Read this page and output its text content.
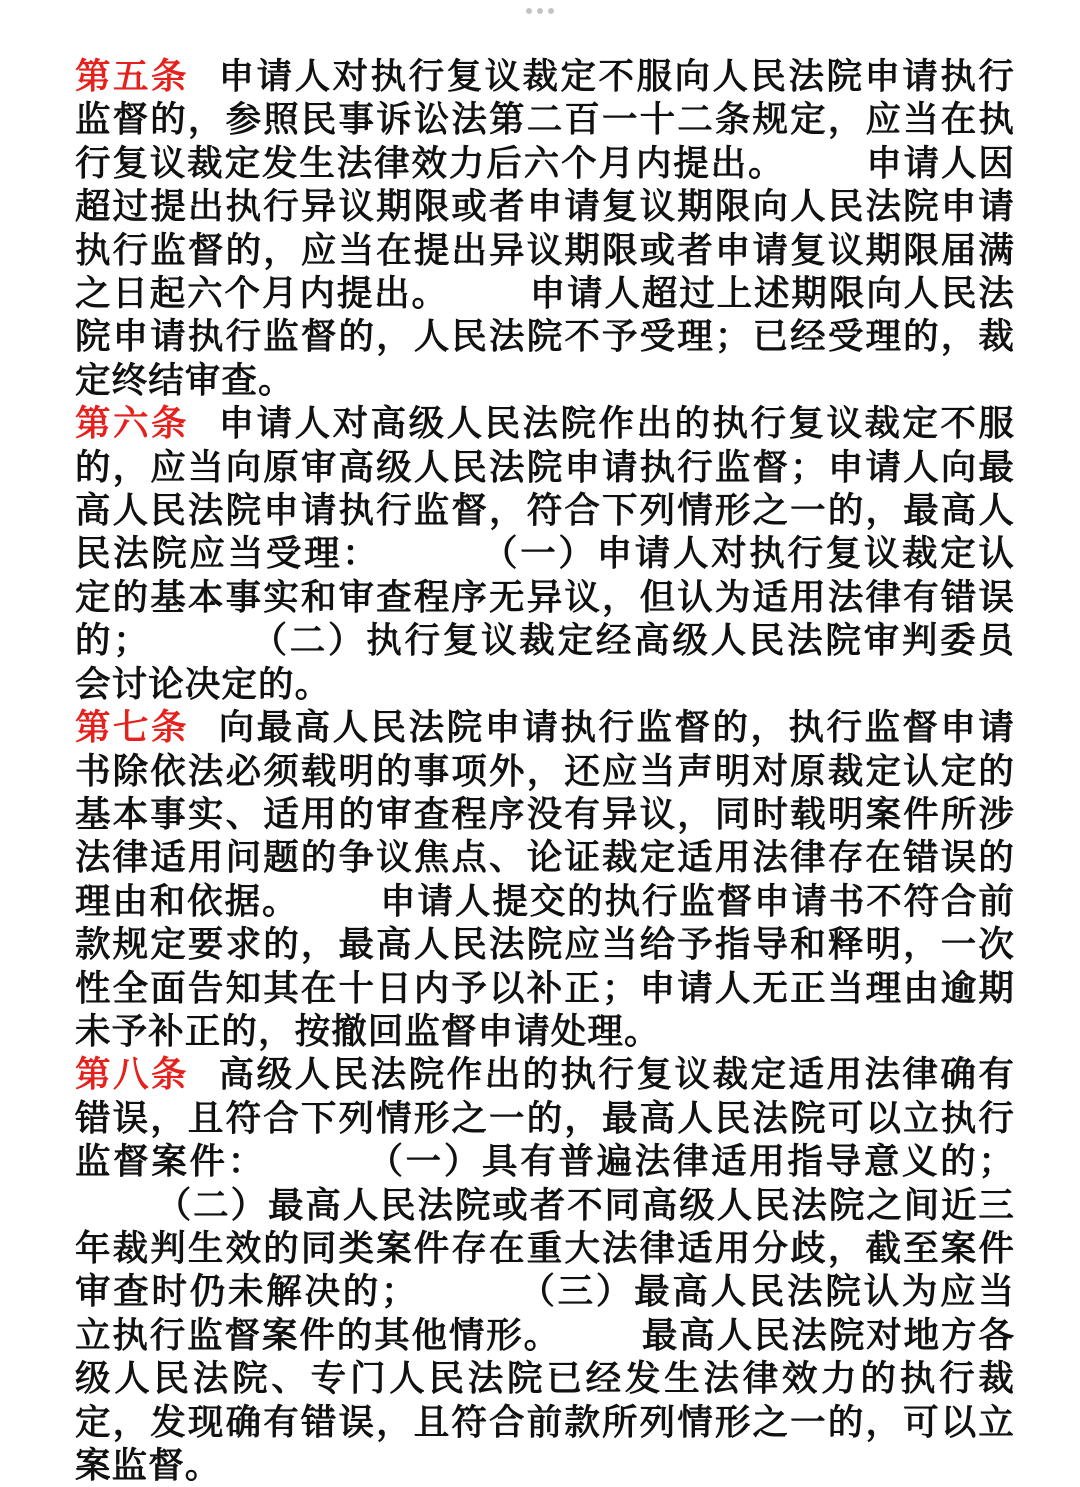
第五条 申请人对执行复议裁定不服向人民法院申请执行监督的，参照民事诉讼法第二百一十二条规定，应当在执行复议裁定发生法律效力后六个月内提出。 申请人因超过提出执行异议期限或者申请复议期限向人民法院申请执行监督的，应当在提出异议期限或者申请复议期限届满之日起六个月内提出。 申请人超过上述期限向人民法院申请执行监督的，人民法院不予受理；已经受理的，裁定终结审查。

第六条 申请人对高级人民法院作出的执行复议裁定不服的，应当向原审高级人民法院申请执行监督；申请人向最高人民法院申请执行监督，符合下列情形之一的，最高人民法院应当受理：	（一）申请人对执行复议裁定认定的基本事实和审查程序无异议，但认为适用法律有错误的；	（二）执行复议裁定经高级人民法院审判委员会讨论决定的。

第七条 向最高人民法院申请执行监督的，执行监督申请书除依法必须载明的事项外，还应当声明对原裁定认定的基本事实、适用的审查程序没有异议，同时载明案件所涉法律适用问题的争议焦点、论证裁定适用法律存在错误的理由和依据。 申请人提交的执行监督申请书不符合前款规定要求的，最高人民法院应当给予指导和释明，一次性全面告知其在十日内予以补正；申请人无正当理由逾期未予补正的，按撤回监督申请处理。

第八条 高级人民法院作出的执行复议裁定适用法律确有错误，且符合下列情形之一的，最高人民法院可以立执行监督案件：	（一）具有普遍法律适用指导意义的；（二）最高人民法院或者不同高级人民法院之间近三年裁判生效的同类案件存在重大法律适用分歧，截至案件审查时仍未解决的；	（三）最高人民法院认为应当立执行监督案件的其他情形。 最高人民法院对地方各级人民法院、专门人民法院已经发生法律效力的执行裁定，发现确有错误，且符合前款所列情形之一的，可以立案监督。
